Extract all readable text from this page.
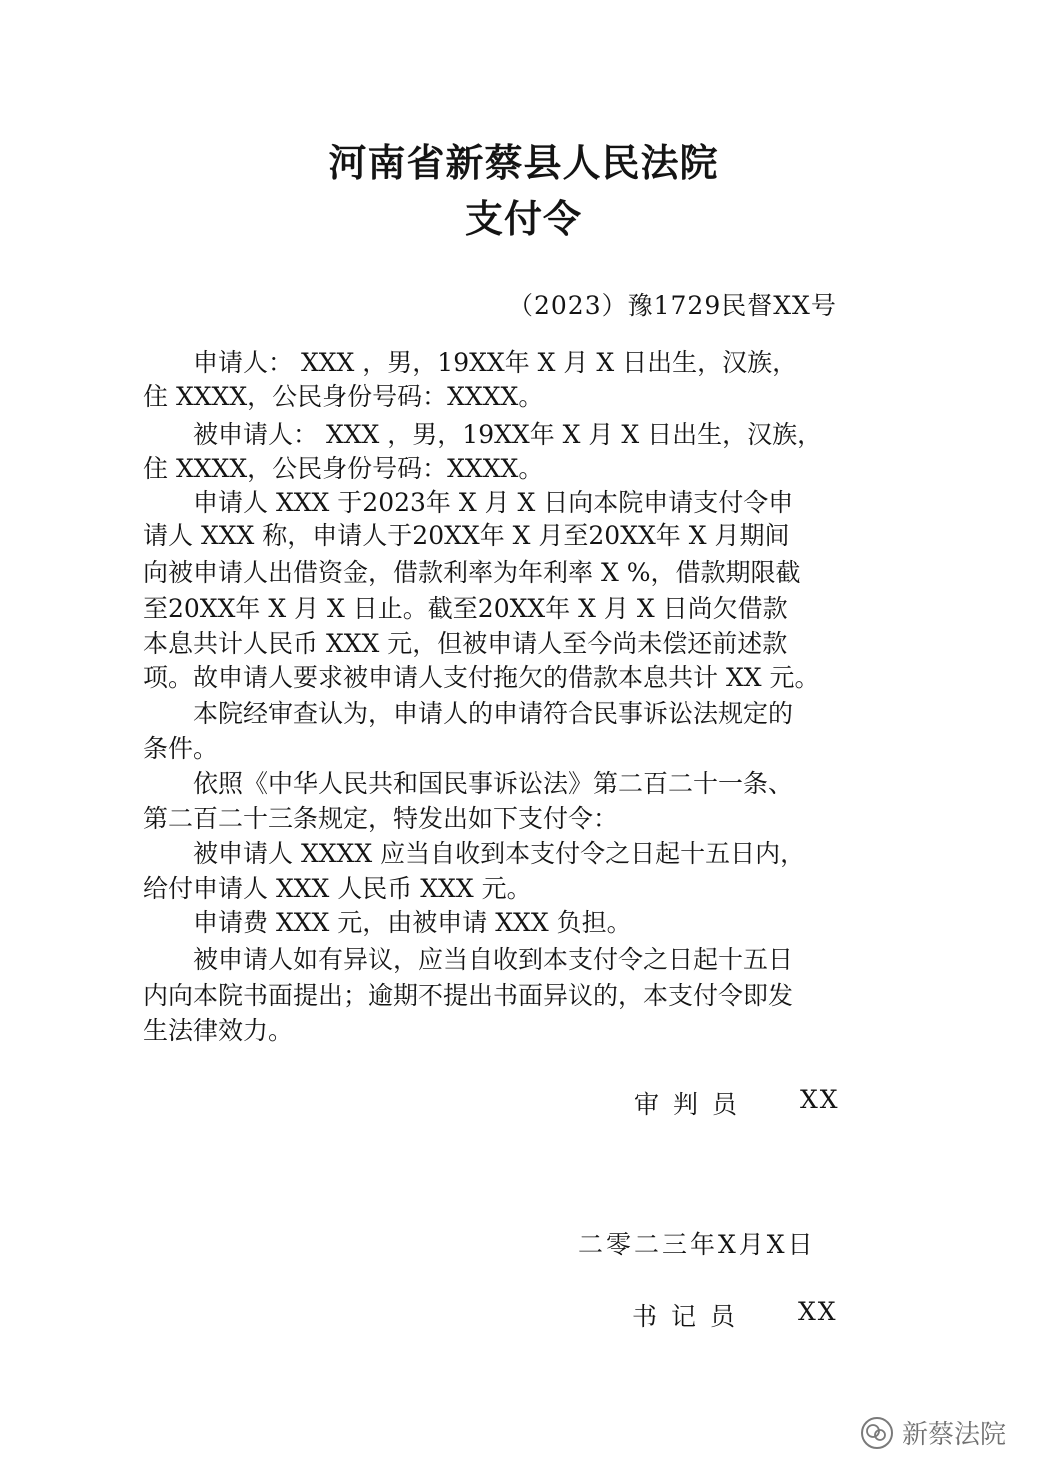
河南省新蔡县人民法院
支付令
（2023）豫1729民督XX号
　　申请人： XXX ，男，19XX年 X 月 X 日出生，汉族，
住 XXXX，公民身份号码：XXXX。
　　被申请人： XXX ，男，19XX年 X 月 X 日出生，汉族，
住 XXXX，公民身份号码：XXXX。
　　申请人 XXX 于2023年 X 月 X 日向本院申请支付令申
请人 XXX 称，申请人于20XX年 X 月至20XX年 X 月期间
向被申请人出借资金，借款利率为年利率 X %，借款期限截
至20XX年 X 月 X 日止。截至20XX年 X 月 X 日尚欠借款
本息共计人民币 XXX 元，但被申请人至今尚未偿还前述款
项。故申请人要求被申请人支付拖欠的借款本息共计 XX 元。
　　本院经审查认为，申请人的申请符合民事诉讼法规定的
条件。
　　依照《中华人民共和国民事诉讼法》第二百二十一条、
第二百二十三条规定，特发出如下支付令：
　　被申请人 XXXX 应当自收到本支付令之日起十五日内，
给付申请人 XXX 人民币 XXX 元。
　　申请费 XXX 元，由被申请 XXX 负担。
　　被申请人如有异议，应当自收到本支付令之日起十五日
内向本院书面提出；逾期不提出书面异议的，本支付令即发
生法律效力。
审判员 XX
二零二三年X月X日
书记员 XX
新蔡法院
